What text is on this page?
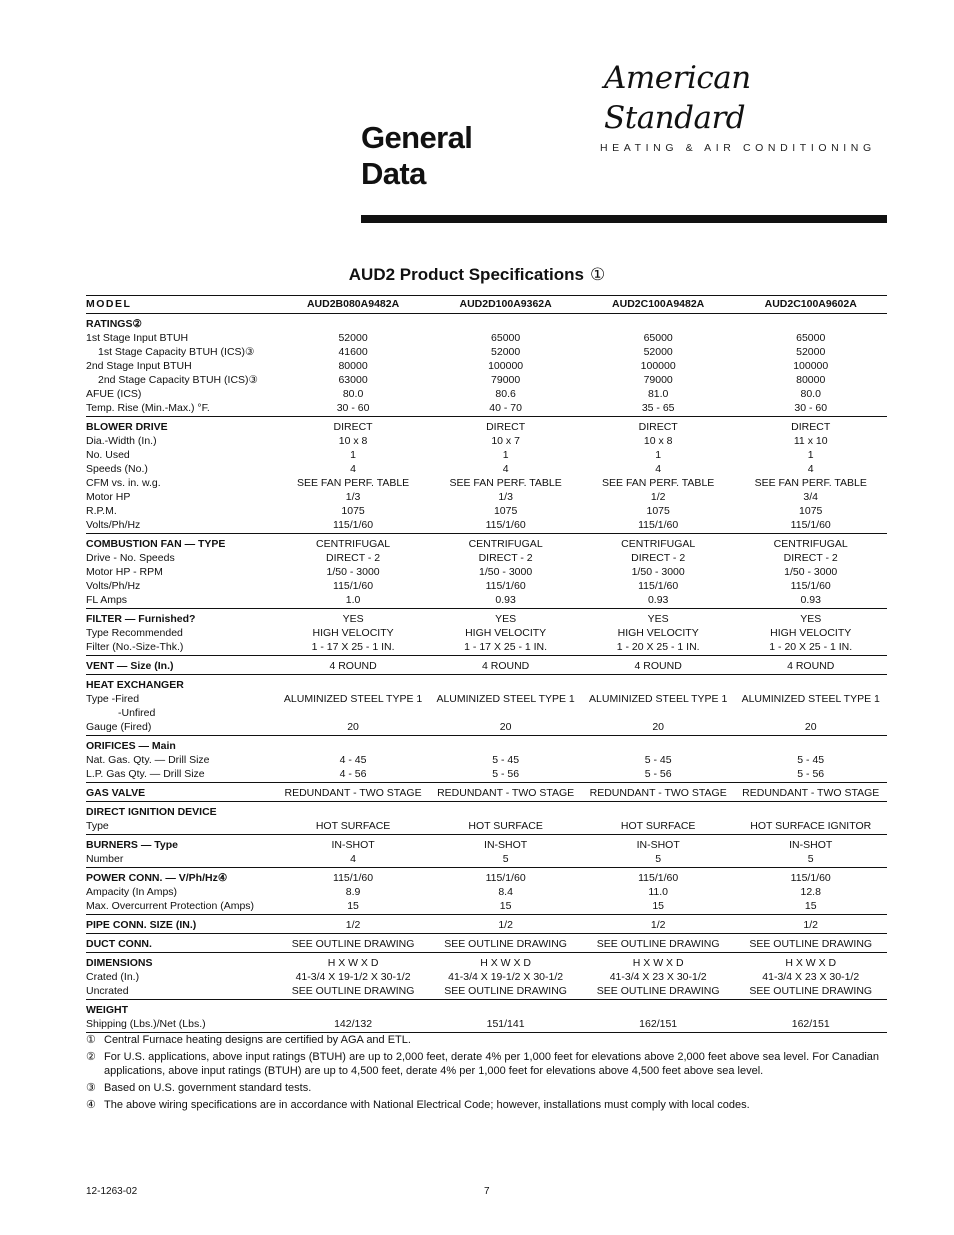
American Standard
HEATING & AIR CONDITIONING
General
Data
AUD2 Product Specifications ①
MODEL	AUD2B080A9482A	AUD2D100A9362A	AUD2C100A9482A	AUD2C100A9602A
RATINGS②				
1st Stage Input BTUH	52000	65000	65000	65000
1st Stage Capacity BTUH (ICS)③	41600	52000	52000	52000
2nd Stage Input BTUH	80000	100000	100000	100000
2nd Stage Capacity BTUH (ICS)③	63000	79000	79000	80000
AFUE (ICS)	80.0	80.6	81.0	80.0
Temp. Rise (Min.-Max.) °F.	30 - 60	40 - 70	35 - 65	30 - 60
BLOWER DRIVE	DIRECT	DIRECT	DIRECT	DIRECT
Dia.-Width (In.)	10 x 8	10 x 7	10 x 8	11 x 10
No. Used	1	1	1	1
Speeds (No.)	4	4	4	4
CFM vs. in. w.g.	SEE FAN PERF. TABLE	SEE FAN PERF. TABLE	SEE FAN PERF. TABLE	SEE FAN PERF. TABLE
Motor HP	1/3	1/3	1/2	3/4
R.P.M.	1075	1075	1075	1075
Volts/Ph/Hz	115/1/60	115/1/60	115/1/60	115/1/60
COMBUSTION FAN — TYPE	CENTRIFUGAL	CENTRIFUGAL	CENTRIFUGAL	CENTRIFUGAL
Drive - No. Speeds	DIRECT - 2	DIRECT - 2	DIRECT - 2	DIRECT - 2
Motor HP - RPM	1/50 - 3000	1/50 - 3000	1/50 - 3000	1/50 - 3000
Volts/Ph/Hz	115/1/60	115/1/60	115/1/60	115/1/60
FL Amps	1.0	0.93	0.93	0.93
FILTER — Furnished?	YES	YES	YES	YES
Type Recommended	HIGH VELOCITY	HIGH VELOCITY	HIGH VELOCITY	HIGH VELOCITY
Filter (No.-Size-Thk.)	1 - 17 X 25 - 1 IN.	1 - 17 X 25 - 1 IN.	1 - 20 X 25 - 1 IN.	1 - 20 X 25 - 1 IN.
VENT — Size (In.)	4 ROUND	4 ROUND	4 ROUND	4 ROUND
HEAT EXCHANGER				
Type -Fired	ALUMINIZED STEEL TYPE 1	ALUMINIZED STEEL TYPE 1	ALUMINIZED STEEL TYPE 1	ALUMINIZED STEEL TYPE 1
-Unfired				
Gauge (Fired)	20	20	20	20
ORIFICES — Main				
Nat. Gas. Qty. — Drill Size	4 - 45	5 - 45	5 - 45	5 - 45
L.P. Gas Qty. — Drill Size	4 - 56	5 - 56	5 - 56	5 - 56
GAS VALVE	REDUNDANT - TWO STAGE	REDUNDANT - TWO STAGE	REDUNDANT - TWO STAGE	REDUNDANT - TWO STAGE
DIRECT IGNITION DEVICE				
Type	HOT SURFACE	HOT SURFACE	HOT SURFACE	HOT SURFACE IGNITOR
BURNERS — Type	IN-SHOT	IN-SHOT	IN-SHOT	IN-SHOT
Number	4	5	5	5
POWER CONN. — V/Ph/Hz④	115/1/60	115/1/60	115/1/60	115/1/60
Ampacity (In Amps)	8.9	8.4	11.0	12.8
Max. Overcurrent Protection (Amps)	15	15	15	15
PIPE CONN. SIZE (IN.)	1/2	1/2	1/2	1/2
DUCT CONN.	SEE OUTLINE DRAWING	SEE OUTLINE DRAWING	SEE OUTLINE DRAWING	SEE OUTLINE DRAWING
DIMENSIONS	H X W X D	H X W X D	H X W X D	H X W X D
Crated (In.)	41-3/4 X 19-1/2 X 30-1/2	41-3/4 X 19-1/2 X 30-1/2	41-3/4 X 23 X 30-1/2	41-3/4 X 23 X 30-1/2
Uncrated	SEE OUTLINE DRAWING	SEE OUTLINE DRAWING	SEE OUTLINE DRAWING	SEE OUTLINE DRAWING
WEIGHT				
Shipping (Lbs.)/Net (Lbs.)	142/132	151/141	162/151	162/151
① Central Furnace heating designs are certified by AGA and ETL.
② For U.S. applications, above input ratings (BTUH) are up to 2,000 feet, derate 4% per 1,000 feet for elevations above 2,000 feet above sea level. For Canadian applications, above input ratings (BTUH) are up to 4,500 feet, derate 4% per 1,000 feet for elevations above 4,500 feet above sea level.
③ Based on U.S. government standard tests.
④ The above wiring specifications are in accordance with National Electrical Code; however, installations must comply with local codes.
12-1263-02	7
